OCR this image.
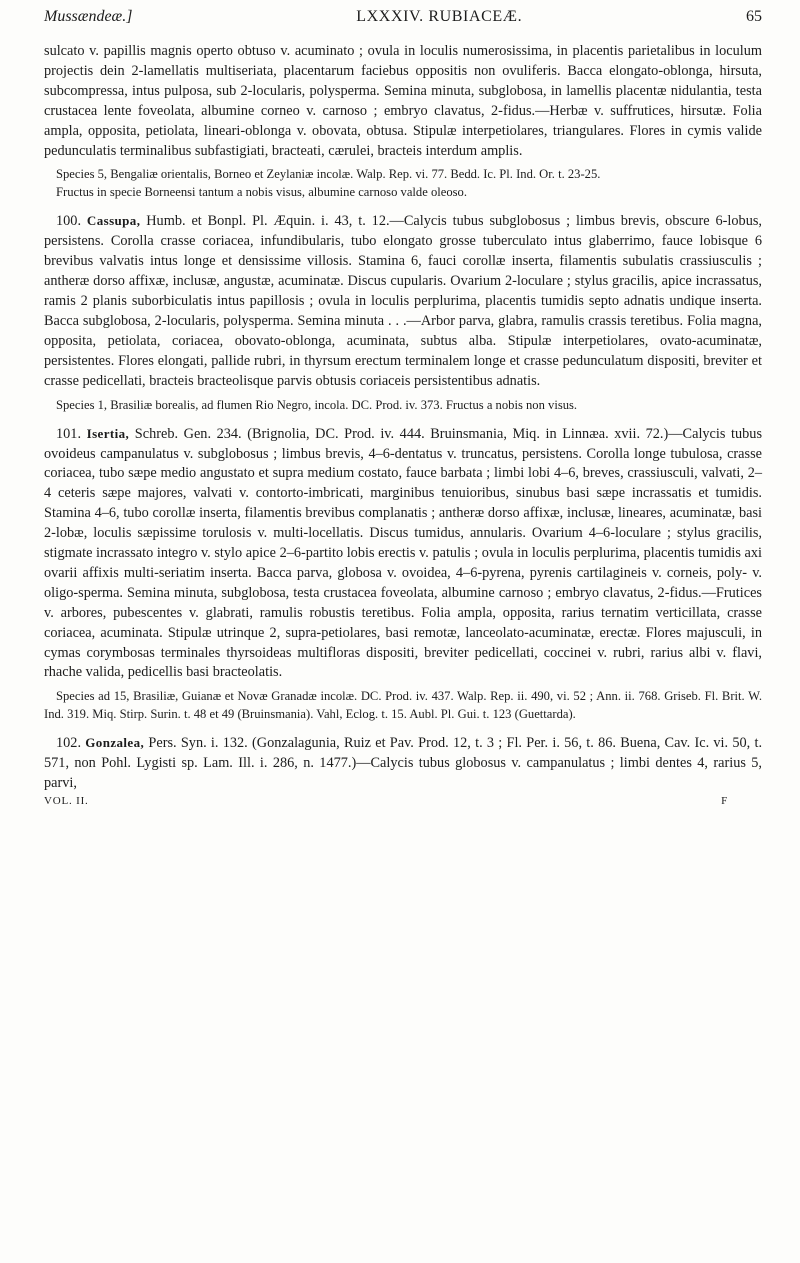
Mussændeæ.]	LXXXIV. RUBIACEÆ.	65

sulcato v. papillis magnis operto obtuso v. acuminato ; ovula in loculis numerosissima, in placentis parietalibus in loculum projectis dein 2-lamellatis multiseriata, placentarum faciebus oppositis non ovuliferis. Bacca elongato-oblonga, hirsuta, subcompressa, intus pulposa, sub 2-locularis, polysperma. Semina minuta, subglobosa, in lamellis placentæ nidulantia, testa crustacea lente foveolata, albumine corneo v. carnoso ; embryo clavatus, 2-fidus.—Herbæ v. suffrutices, hirsutæ. Folia ampla, opposita, petiolata, lineari-oblonga v. obovata, obtusa. Stipulæ interpetiolares, triangulares. Flores in cymis valide pedunculatis terminalibus subfastigiati, bracteati, cærulei, bracteis interdum amplis.

Species 5, Bengaliæ orientalis, Borneo et Zeylaniæ incolæ. Walp. Rep. vi. 77. Bedd. Ic. Pl. Ind. Or. t. 23-25.

Fructus in specie Borneensi tantum a nobis visus, albumine carnoso valde oleoso.

100. Cassupa, Humb. et Bonpl. Pl. Æquin. i. 43, t. 12.—Calycis tubus subglobosus ; limbus brevis, obscure 6-lobus, persistens. Corolla crasse coriacea, infundibularis, tubo elongato grosse tuberculato intus glaberrimo, fauce lobisque 6 brevibus valvatis intus longe et densissime villosis. Stamina 6, fauci corollæ inserta, filamentis subulatis crassiusculis ; antheræ dorso affixæ, inclusæ, angustæ, acuminatæ. Discus cupularis. Ovarium 2-loculare ; stylus gracilis, apice incrassatus, ramis 2 planis suborbiculatis intus papillosis ; ovula in loculis perplurima, placentis tumidis septo adnatis undique inserta. Bacca subglobosa, 2-locularis, polysperma. Semina minuta . . .—Arbor parva, glabra, ramulis crassis teretibus. Folia magna, opposita, petiolata, coriacea, obovato-oblonga, acuminata, subtus alba. Stipulæ interpetiolares, ovato-acuminatæ, persistentes. Flores elongati, pallide rubri, in thyrsum erectum terminalem longe et crasse pedunculatum dispositi, breviter et crasse pedicellati, bracteis bracteolisque parvis obtusis coriaceis persistentibus adnatis.

Species 1, Brasiliæ borealis, ad flumen Rio Negro, incola. DC. Prod. iv. 373. Fructus a nobis non visus.

101. Isertia, Schreb. Gen. 234. (Brignolia, DC. Prod. iv. 444. Bruinsmania, Miq. in Linnæa. xvii. 72.)—Calycis tubus ovoideus campanulatus v. subglobosus ; limbus brevis, 4–6-dentatus v. truncatus, persistens. Corolla longe tubulosa, crasse coriacea, tubo sæpe medio angustato et supra medium costato, fauce barbata ; limbi lobi 4–6, breves, crassiusculi, valvati, 2–4 ceteris sæpe majores, valvati v. contorto-imbricati, marginibus tenuioribus, sinubus basi sæpe incrassatis et tumidis. Stamina 4–6, tubo corollæ inserta, filamentis brevibus complanatis ; antheræ dorso affixæ, inclusæ, lineares, acuminatæ, basi 2-lobæ, loculis sæpissime torulosis v. multi-locellatis. Discus tumidus, annularis. Ovarium 4–6-loculare ; stylus gracilis, stigmate incrassato integro v. stylo apice 2–6-partito lobis erectis v. patulis ; ovula in loculis perplurima, placentis tumidis axi ovarii affixis multi-seriatim inserta. Bacca parva, globosa v. ovoidea, 4–6-pyrena, pyrenis cartilagineis v. corneis, poly- v. oligo-sperma. Semina minuta, subglobosa, testa crustacea foveolata, albumine carnoso ; embryo clavatus, 2-fidus.—Frutices v. arbores, pubescentes v. glabrati, ramulis robustis teretibus. Folia ampla, opposita, rarius ternatim verticillata, crasse coriacea, acuminata. Stipulæ utrinque 2, supra-petiolares, basi remotæ, lanceolato-acuminatæ, erectæ. Flores majusculi, in cymas corymbosas terminales thyrsoideas multifloras dispositi, breviter pedicellati, coccinei v. rubri, rarius albi v. flavi, rhache valida, pedicellis basi bracteolatis.

Species ad 15, Brasiliæ, Guianæ et Novæ Granadæ incolæ. DC. Prod. iv. 437. Walp. Rep. ii. 490, vi. 52 ; Ann. ii. 768. Griseb. Fl. Brit. W. Ind. 319. Miq. Stirp. Surin. t. 48 et 49 (Bruinsmania). Vahl, Eclog. t. 15. Aubl. Pl. Gui. t. 123 (Guettarda).

102. Gonzalea, Pers. Syn. i. 132. (Gonzalagunia, Ruiz et Pav. Prod. 12, t. 3 ; Fl. Per. i. 56, t. 86. Buena, Cav. Ic. vi. 50, t. 571, non Pohl. Lygisti sp. Lam. Ill. i. 286, n. 1477.)—Calycis tubus globosus v. campanulatus ; limbi dentes 4, rarius 5, parvi,

VOL. II.	F
